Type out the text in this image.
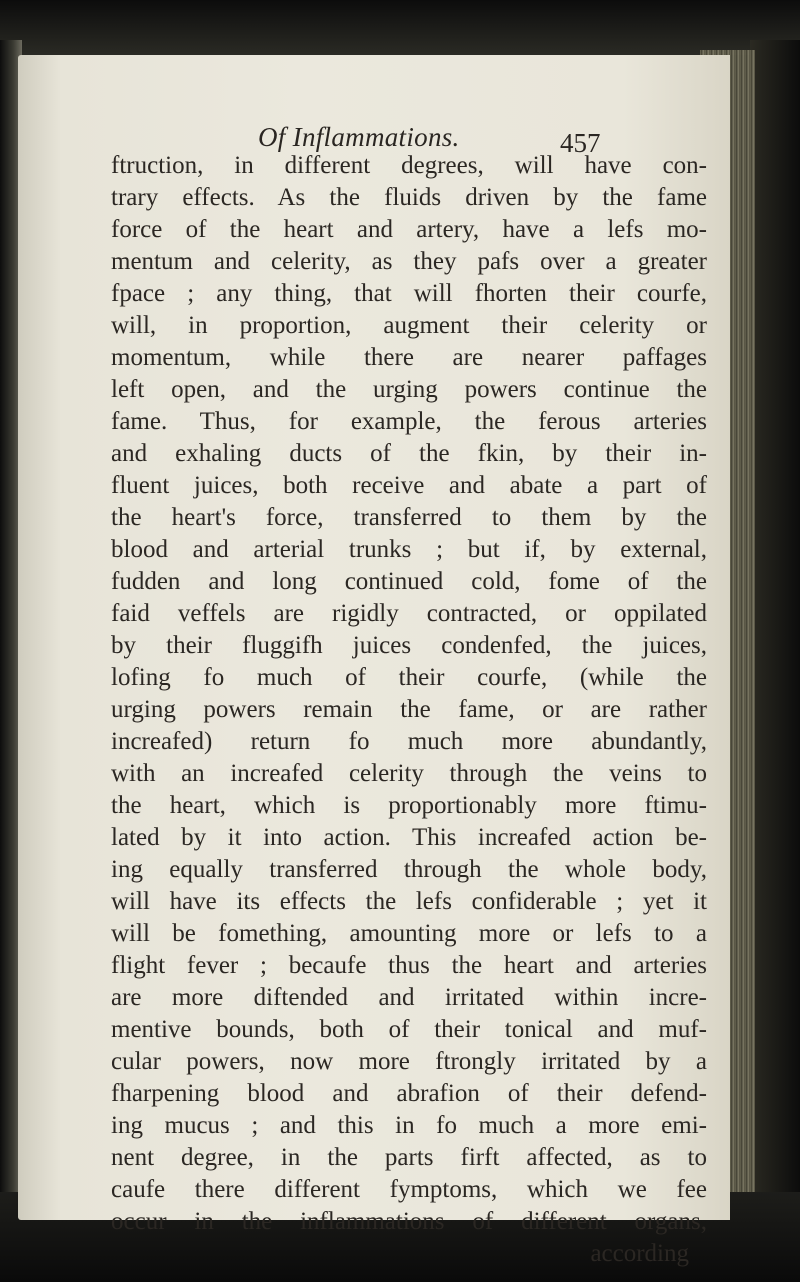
Of Inflammations.	457
ftruction, in different degrees, will have con-
trary effects. As the fluids driven by the fame
force of the heart and artery, have a lefs mo-
mentum and celerity, as they pafs over a greater
fpace ; any thing, that will fhorten their courfe,
will, in proportion, augment their celerity or
momentum, while there are nearer paffages
left open, and the urging powers continue the
fame. Thus, for example, the ferous arteries
and exhaling ducts of the fkin, by their in-
fluent juices, both receive and abate a part of
the heart's force, transferred to them by the
blood and arterial trunks ; but if, by external,
fudden and long continued cold, fome of the
faid veffels are rigidly contracted, or oppilated
by their fluggifh juices condenfed, the juices,
lofing fo much of their courfe, (while the
urging powers remain the fame, or are rather
increafed) return fo much more abundantly,
with an increafed celerity through the veins to
the heart, which is proportionably more ftimu-
lated by it into action. This increafed action be-
ing equally transferred through the whole body,
will have its effects the lefs confiderable ; yet it
will be fomething, amounting more or lefs to a
flight fever ; becaufe thus the heart and arteries
are more diftended and irritated within incre-
mentive bounds, both of their tonical and muf-
cular powers, now more ftrongly irritated by a
fharpening blood and abrafion of their defend-
ing mucus ; and this in fo much a more emi-
nent degree, in the parts firft affected, as to
caufe there different fymptoms, which we fee
occur in the inflammations of different organs,
according
